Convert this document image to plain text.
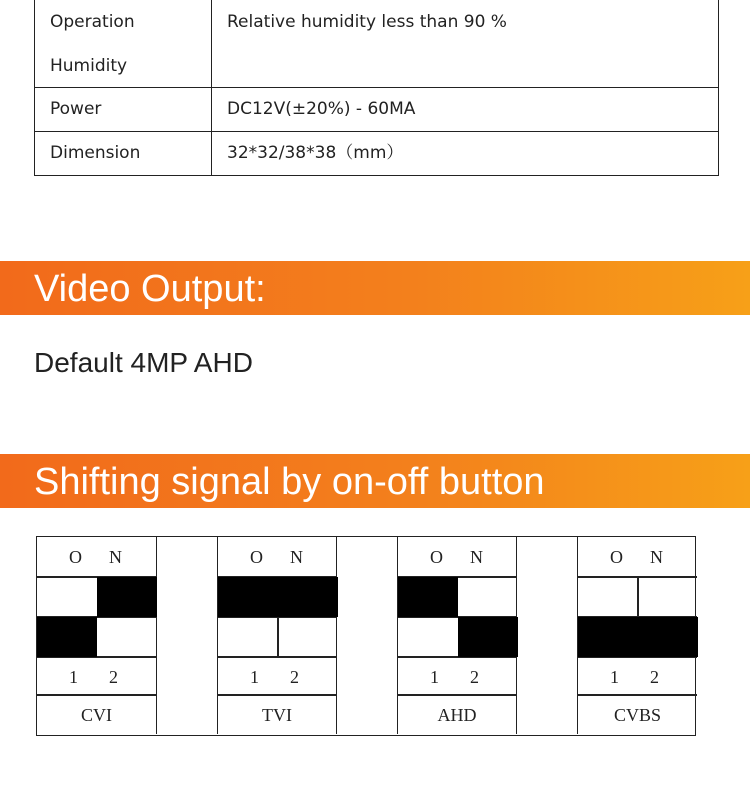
Operation
Humidity	Relative humidity less than 90 %

Power	DC12V(±20%) - 60MA
Dimension	32*32/38*38（mm）
Video Output:
Default 4MP AHD
Shifting signal by on-off button
O N
1 2
CVI
O N
1 2
TVI
O N
1 2
AHD
O N
1 2
CVBS
